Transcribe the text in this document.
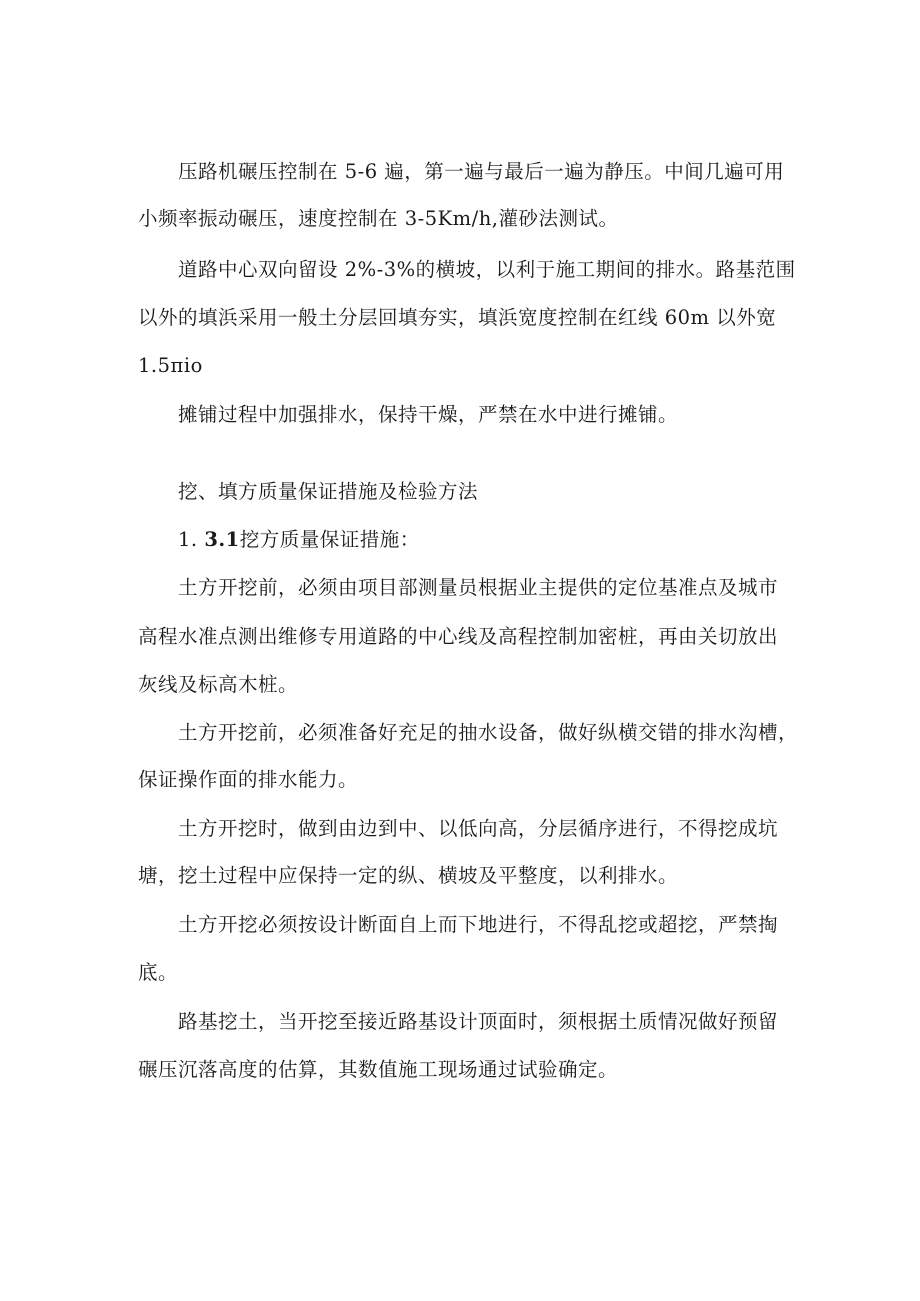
压路机碾压控制在 5-6 遍，第一遍与最后一遍为静压。中间几遍可用
小频率振动碾压，速度控制在 3-5Km/h,灌砂法测试。
道路中心双向留设 2%-3%的横坡，以利于施工期间的排水。路基范围
以外的填浜采用一般土分层回填夯实，填浜宽度控制在红线 60m 以外宽
1.5πio
摊铺过程中加强排水，保持干燥，严禁在水中进行摊铺。
挖、填方质量保证措施及检验方法
1. 3.1挖方质量保证措施：
土方开挖前，必须由项目部测量员根据业主提供的定位基准点及城市
高程水准点测出维修专用道路的中心线及高程控制加密桩，再由关切放出
灰线及标高木桩。
土方开挖前，必须准备好充足的抽水设备，做好纵横交错的排水沟槽，
保证操作面的排水能力。
土方开挖时，做到由边到中、以低向高，分层循序进行，不得挖成坑
塘，挖土过程中应保持一定的纵、横坡及平整度，以利排水。
土方开挖必须按设计断面自上而下地进行，不得乱挖或超挖，严禁掏
底。
路基挖土，当开挖至接近路基设计顶面时，须根据土质情况做好预留
碾压沉落高度的估算，其数值施工现场通过试验确定。
